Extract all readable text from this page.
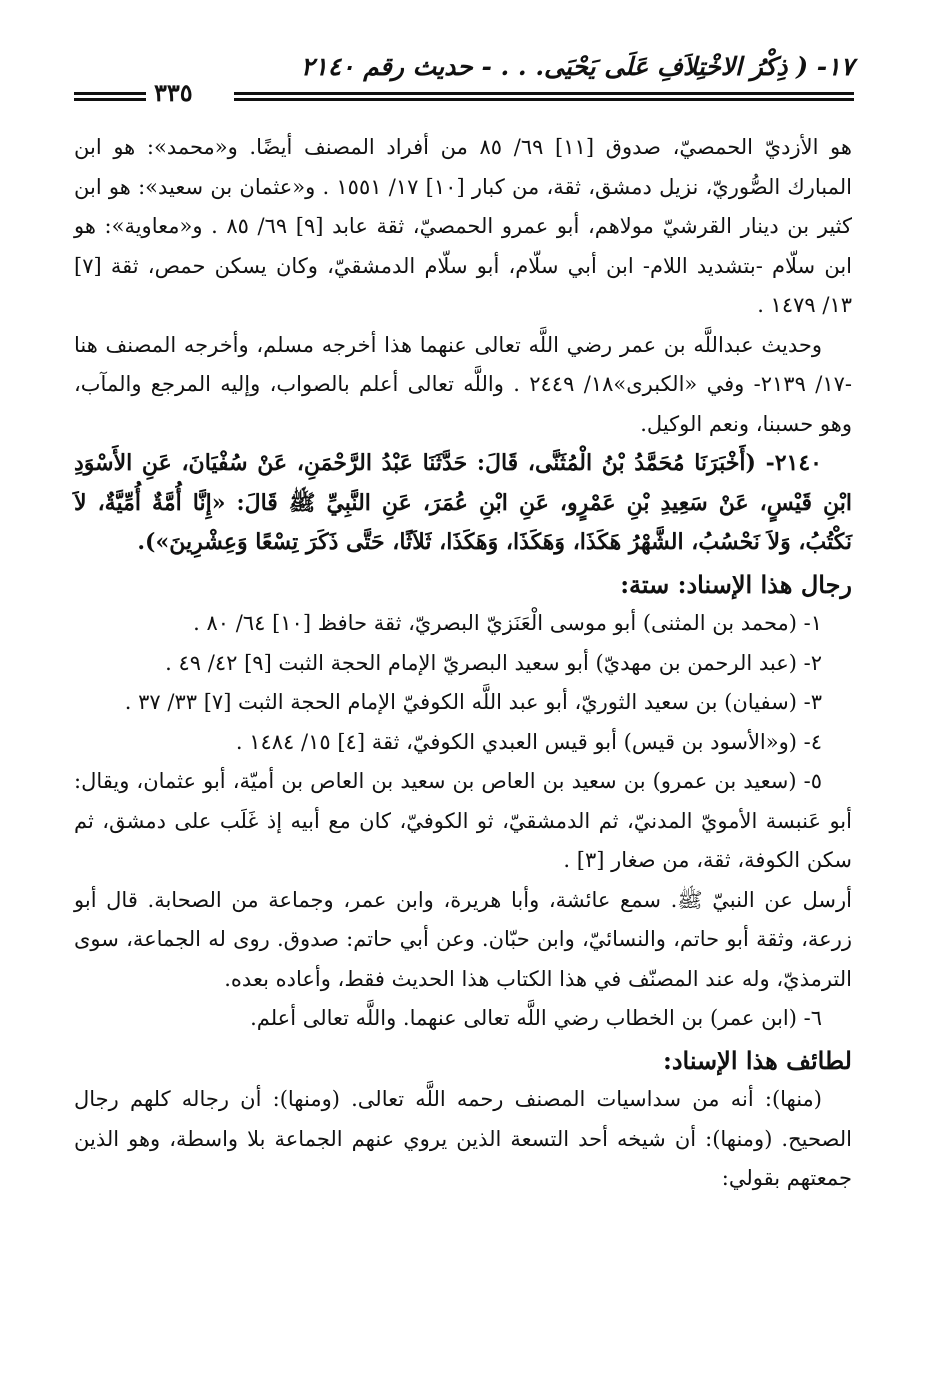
١٧- ( ذِكْرُ الاخْتِلاَفِ عَلَى يَحْيَى. . . - حديث رقم ٢١٤٠
٣٣٥

هو الأزديّ الحمصيّ، صدوق [١١] ٦٩/ ٨٥ من أفراد المصنف أيضًا. و«محمد»: هو ابن المبارك الصُّوريّ، نزيل دمشق، ثقة، من كبار [١٠] ١٧/ ١٥٥١ . و«عثمان بن سعيد»: هو ابن كثير بن دينار القرشيّ مولاهم، أبو عمرو الحمصيّ، ثقة عابد [٩] ٦٩/ ٨٥ . و«معاوية»: هو ابن سلّام -بتشديد اللام- ابن أبي سلّام، أبو سلّام الدمشقيّ، وكان يسكن حمص، ثقة [٧] ١٣/ ١٤٧٩ .

وحديث عبداللَّه بن عمر رضي اللَّه تعالى عنهما هذا أخرجه مسلم، وأخرجه المصنف هنا -١٧/ ٢١٣٩- وفي «الكبرى»١٨/ ٢٤٤٩ . واللَّه تعالى أعلم بالصواب، وإليه المرجع والمآب، وهو حسبنا، ونعم الوكيل.

٢١٤٠- (أَخْبَرَنَا مُحَمَّدُ بْنُ الْمُثَنَّى، قَالَ: حَدَّثَنَا عَبْدُ الرَّحْمَنِ، عَنْ سُفْيَانَ، عَنِ الأَسْوَدِ ابْنِ قَيْسٍ، عَنْ سَعِيدِ بْنِ عَمْرٍو، عَنِ ابْنِ عُمَرَ، عَنِ النَّبِيِّ ﷺ قَالَ: «إِنَّا أُمَّةٌ أُمِّيَّةٌ، لاَ نَكْتُبُ، وَلاَ نَحْسُبُ، الشَّهْرُ هَكَذَا، وَهَكَذَا، وَهَكَذَا، ثَلاَثًا، حَتَّى ذَكَرَ تِسْعًا وَعِشْرِينَ»).

رجال هذا الإسناد: ستة:

١- (محمد بن المثنى) أبو موسى الْعَنَزيّ البصريّ، ثقة حافظ [١٠] ٦٤/ ٨٠ .

٢- (عبد الرحمن بن مهديّ) أبو سعيد البصريّ الإمام الحجة الثبت [٩] ٤٢/ ٤٩ .

٣- (سفيان) بن سعيد الثوريّ، أبو عبد اللَّه الكوفيّ الإمام الحجة الثبت [٧] ٣٣/ ٣٧ .

٤- (و«الأسود بن قيس) أبو قيس العبدي الكوفيّ، ثقة [٤] ١٥/ ١٤٨٤ .

٥- (سعيد بن عمرو) بن سعيد بن العاص بن سعيد بن العاص بن أميّة، أبو عثمان، ويقال: أبو عَنبسة الأمويّ المدنيّ، ثم الدمشقيّ، ثو الكوفيّ، كان مع أبيه إذ غَلَب على دمشق، ثم سكن الكوفة، ثقة، من صغار [٣] .

أرسل عن النبيّ ﷺ. سمع عائشة، وأبا هريرة، وابن عمر، وجماعة من الصحابة. قال أبو زرعة، وثقة أبو حاتم، والنسائيّ، وابن حبّان. وعن أبي حاتم: صدوق. روى له الجماعة، سوى الترمذيّ، وله عند المصنّف في هذا الكتاب هذا الحديث فقط، وأعاده بعده.

٦- (ابن عمر) بن الخطاب رضي اللَّه تعالى عنهما. واللَّه تعالى أعلم.

لطائف هذا الإسناد:

(منها): أنه من سداسيات المصنف رحمه اللَّه تعالى. (ومنها): أن رجاله كلهم رجال الصحيح. (ومنها): أن شيخه أحد التسعة الذين يروي عنهم الجماعة بلا واسطة، وهو الذين جمعتهم بقولي:
